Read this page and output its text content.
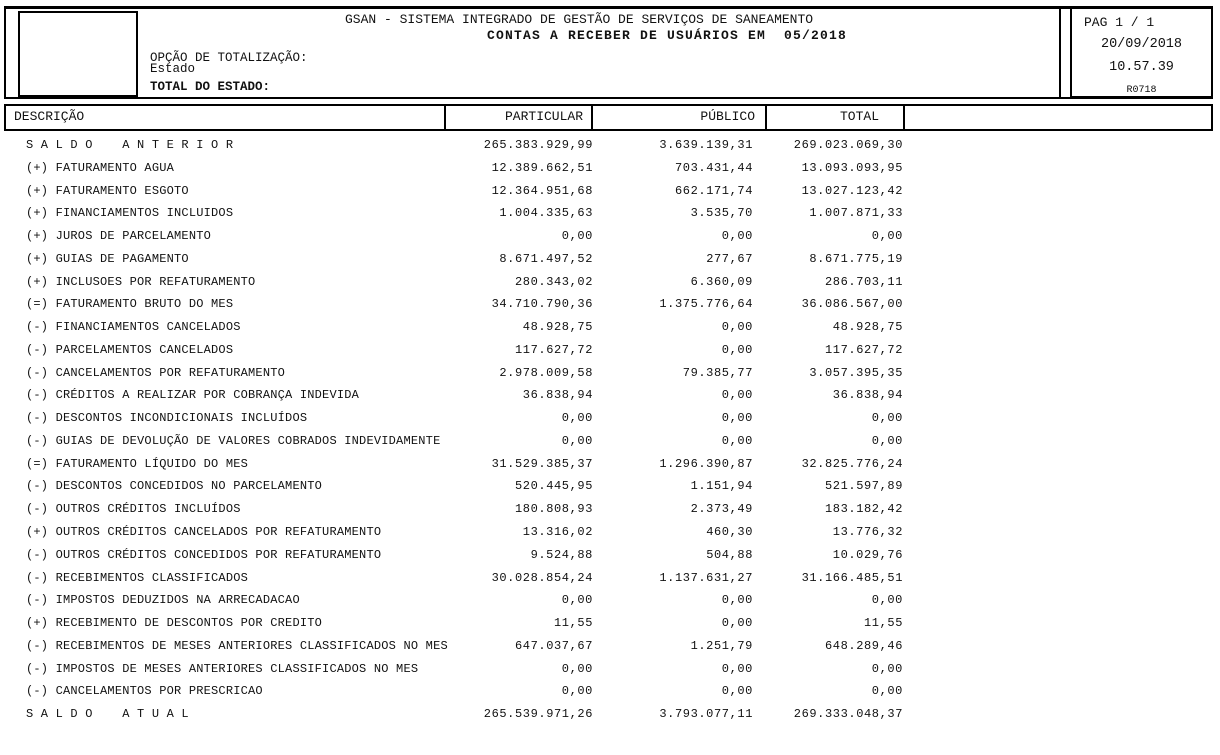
GSAN - SISTEMA INTEGRADO DE GESTÃO DE SERVIÇOS DE SANEAMENTO
CONTAS A RECEBER DE USUÁRIOS EM  05/2018
OPÇÃO DE TOTALIZAÇÃO:
Estado
TOTAL DO ESTADO:
PAG 1 / 1
20/09/2018
10.57.39
R0718
DESCRIÇÃO	PARTICULAR	PÚBLICO	TOTAL
S A L D O    A N T E R I O R	265.383.929,99	3.639.139,31	269.023.069,30
(+) FATURAMENTO AGUA	12.389.662,51	703.431,44	13.093.093,95
(+) FATURAMENTO ESGOTO	12.364.951,68	662.171,74	13.027.123,42
(+) FINANCIAMENTOS INCLUIDOS	1.004.335,63	3.535,70	1.007.871,33
(+) JUROS DE PARCELAMENTO	0,00	0,00	0,00
(+) GUIAS DE PAGAMENTO	8.671.497,52	277,67	8.671.775,19
(+) INCLUSOES POR REFATURAMENTO	280.343,02	6.360,09	286.703,11
(=) FATURAMENTO BRUTO DO MES	34.710.790,36	1.375.776,64	36.086.567,00
(-) FINANCIAMENTOS CANCELADOS	48.928,75	0,00	48.928,75
(-) PARCELAMENTOS CANCELADOS	117.627,72	0,00	117.627,72
(-) CANCELAMENTOS POR REFATURAMENTO	2.978.009,58	79.385,77	3.057.395,35
(-) CRÉDITOS A REALIZAR POR COBRANÇA INDEVIDA	36.838,94	0,00	36.838,94
(-) DESCONTOS INCONDICIONAIS INCLUÍDOS	0,00	0,00	0,00
(-) GUIAS DE DEVOLUÇÃO DE VALORES COBRADOS INDEVIDAMENTE	0,00	0,00	0,00
(=) FATURAMENTO LÍQUIDO DO MES	31.529.385,37	1.296.390,87	32.825.776,24
(-) DESCONTOS CONCEDIDOS NO PARCELAMENTO	520.445,95	1.151,94	521.597,89
(-) OUTROS CRÉDITOS INCLUÍDOS	180.808,93	2.373,49	183.182,42
(+) OUTROS CRÉDITOS CANCELADOS POR REFATURAMENTO	13.316,02	460,30	13.776,32
(-) OUTROS CRÉDITOS CONCEDIDOS POR REFATURAMENTO	9.524,88	504,88	10.029,76
(-) RECEBIMENTOS CLASSIFICADOS	30.028.854,24	1.137.631,27	31.166.485,51
(-) IMPOSTOS DEDUZIDOS NA ARRECADACAO	0,00	0,00	0,00
(+) RECEBIMENTO DE DESCONTOS POR CREDITO	11,55	0,00	11,55
(-) RECEBIMENTOS DE MESES ANTERIORES CLASSIFICADOS NO MES	647.037,67	1.251,79	648.289,46
(-) IMPOSTOS DE MESES ANTERIORES CLASSIFICADOS NO MES	0,00	0,00	0,00
(-) CANCELAMENTOS POR PRESCRICAO	0,00	0,00	0,00
S A L D O    A T U A L	265.539.971,26	3.793.077,11	269.333.048,37
